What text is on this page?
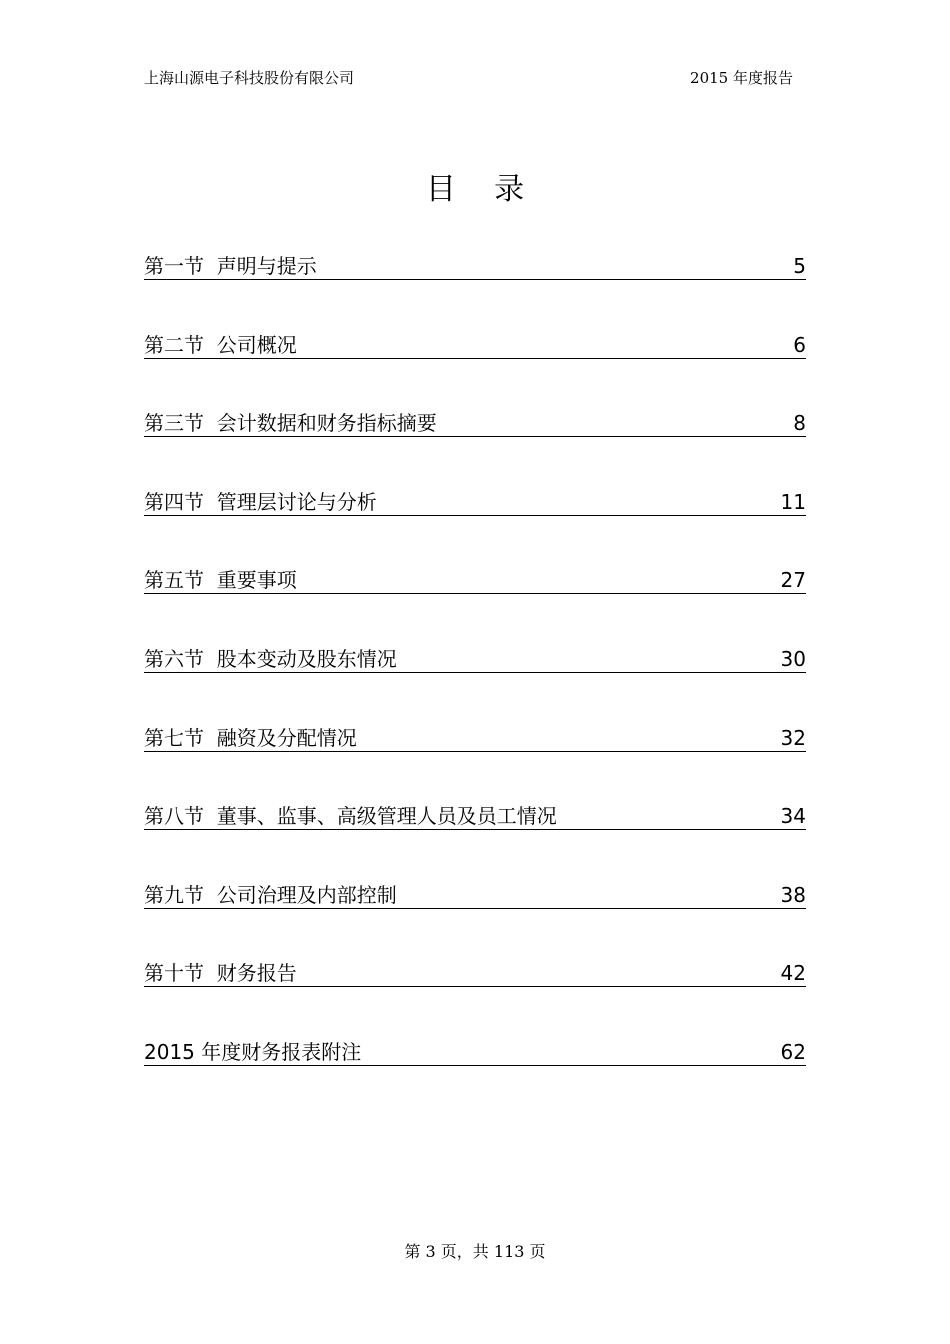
上海山源电子科技股份有限公司	2015 年度报告
目    录
第一节  声明与提示	5
第二节  公司概况	6
第三节  会计数据和财务指标摘要	8
第四节  管理层讨论与分析	11
第五节  重要事项	27
第六节  股本变动及股东情况	30
第七节  融资及分配情况	32
第八节  董事、监事、高级管理人员及员工情况	34
第九节  公司治理及内部控制	38
第十节  财务报告	42
2015 年度财务报表附注	62
第 3 页，共 113 页
